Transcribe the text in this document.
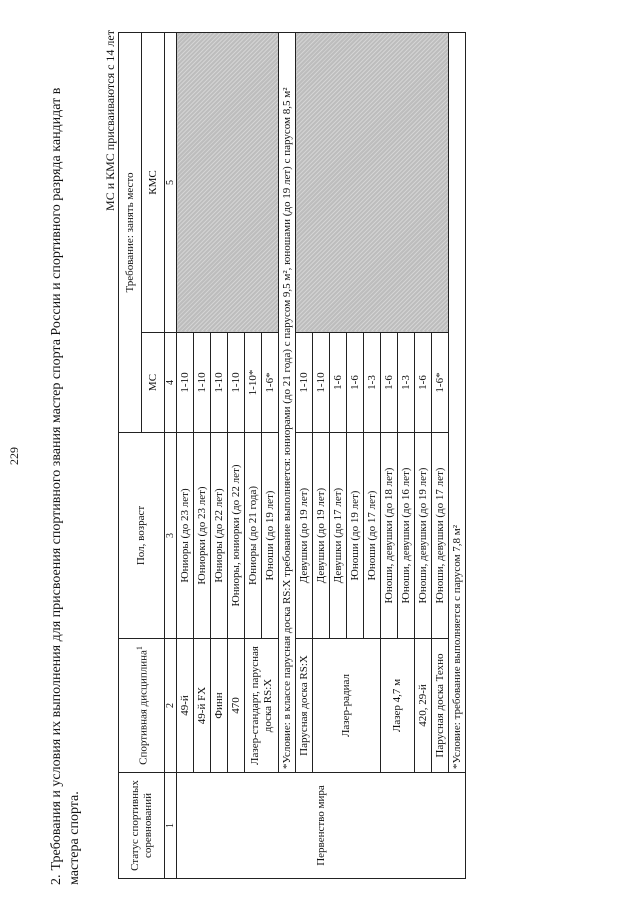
229

2.Требования и условия их выполнения для присвоения спортивного звания мастер спорта России и спортивного разряда кандидат в мастера спорта.

МС и КМС присваиваются с 14 лет
Статус спортивных соревнований	Спортивная дисциплина$^1$	Пол, возраст	Требование: занять место	
			МС	КМС
1	2	3	4	5
Первенство мира	49-й	Юниоры (до 23 лет)	1-10	
	49-й FX	Юниорки (до 23 лет)	1-10	
	Финн	Юниоры (до 22 лет)	1-10	
	470	Юниоры, юниорки (до 22 лет)	1-10	
	Лазер-стандарт, парусная доска RS:X	Юниоры (до 21 года)	1-10*	
		Юноши (до 19 лет)	1-6*	
	*Условие: в классе парусная доска RS:X требование выполняется: юниорами (до 21 года) с парусом 9,5 м², юношами (до 19 лет) с парусом 8,5 м²			
	Парусная доска RS:X	Девушки (до 19 лет)	1-10	
	Лазер-радиал	Девушки (до 19 лет)	1-10	
		Девушки (до 17 лет)	1-6	
		Юноши (до 19 лет)	1-6	
		Юноши (до 17 лет)	1-3	
	Лазер 4,7 м	Юноши, девушки (до 18 лет)	1-6	
		Юноши, девушки (до 16 лет)	1-3	
	420, 29-й	Юноши, девушки (до 19 лет)	1-6	
	Парусная доска Техно	Юноши, девушки (до 17 лет)	1-6*	
	*Условие: требование выполняется с парусом 7,8 м²			
